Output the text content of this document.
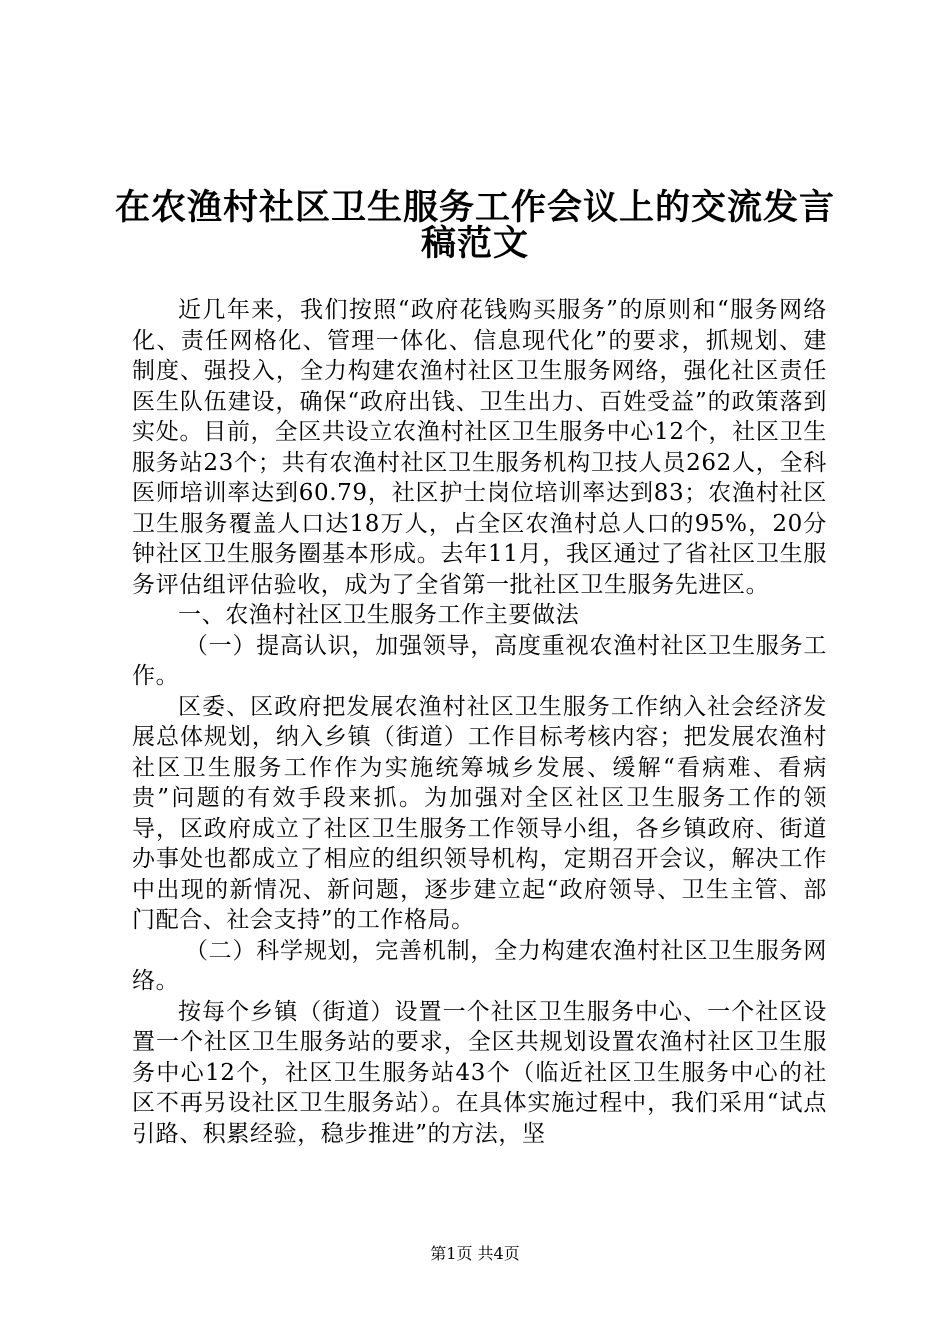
在农渔村社区卫生服务工作会议上的交流发言
稿范文

近几年来，我们按照“政府花钱购买服务”的原则和“服务网络化、责任网格化、管理一体化、信息现代化”的要求，抓规划、建制度、强投入，全力构建农渔村社区卫生服务网络，强化社区责任医生队伍建设，确保“政府出钱、卫生出力、百姓受益”的政策落到实处。目前，全区共设立农渔村社区卫生服务中心12个，社区卫生服务站23个；共有农渔村社区卫生服务机构卫技人员262人，全科医师培训率达到60.79，社区护士岗位培训率达到83；农渔村社区卫生服务覆盖人口达18万人，占全区农渔村总人口的95%，20分钟社区卫生服务圈基本形成。去年11月，我区通过了省社区卫生服务评估组评估验收，成为了全省第一批社区卫生服务先进区。

一、农渔村社区卫生服务工作主要做法

（一）提高认识，加强领导，高度重视农渔村社区卫生服务工作。

区委、区政府把发展农渔村社区卫生服务工作纳入社会经济发展总体规划，纳入乡镇（街道）工作目标考核内容；把发展农渔村社区卫生服务工作作为实施统筹城乡发展、缓解“看病难、看病贵”问题的有效手段来抓。为加强对全区社区卫生服务工作的领导，区政府成立了社区卫生服务工作领导小组，各乡镇政府、街道办事处也都成立了相应的组织领导机构，定期召开会议，解决工作中出现的新情况、新问题，逐步建立起“政府领导、卫生主管、部门配合、社会支持”的工作格局。

（二）科学规划，完善机制，全力构建农渔村社区卫生服务网络。

按每个乡镇（街道）设置一个社区卫生服务中心、一个社区设置一个社区卫生服务站的要求，全区共规划设置农渔村社区卫生服务中心12个，社区卫生服务站43个（临近社区卫生服务中心的社区不再另设社区卫生服务站）。在具体实施过程中，我们采用“试点引路、积累经验，稳步推进”的方法，坚

第1页 共4页
